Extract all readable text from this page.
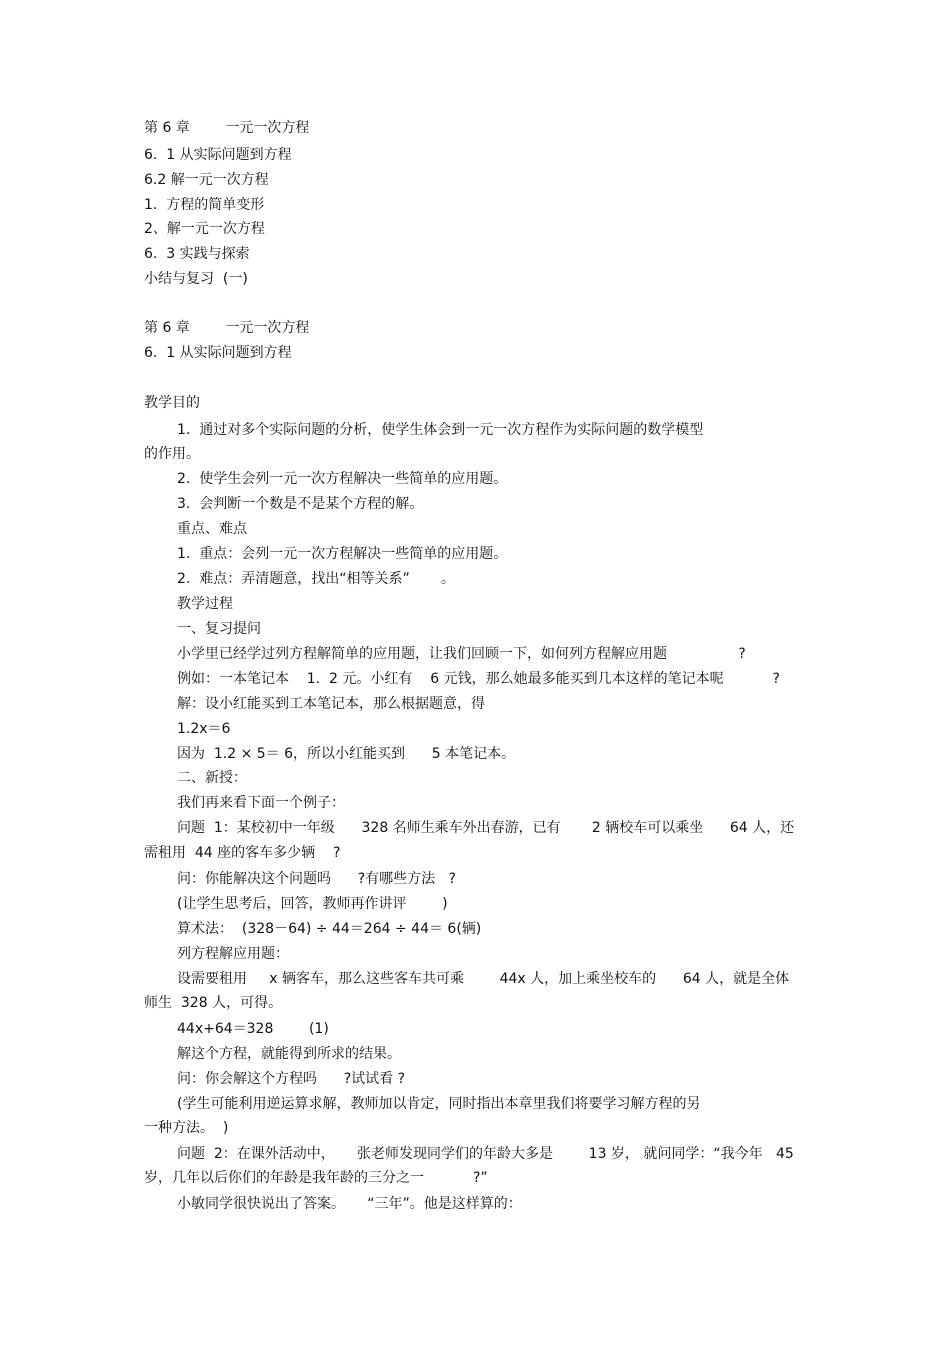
第 6 章        一元一次方程
6.  1 从实际问题到方程
6.2 解一元一次方程
1.  方程的简单变形
2、解一元一次方程
6.  3 实践与探索
小结与复习  (一)
第 6 章        一元一次方程
6.  1 从实际问题到方程
教学目的
1.  通过对多个实际问题的分析，使学生体会到一元一次方程作为实际问题的数学模型
的作用。
2.  使学生会列一元一次方程解决一些简单的应用题。
3.  会判断一个数是不是某个方程的解。
重点、难点
1.  重点：会列一元一次方程解决一些简单的应用题。
2.  难点：弄清题意，找出“相等关系”       。
教学过程
一、复习提问
小学里已经学过列方程解简单的应用题，让我们回顾一下，如何列方程解应用题                ?
例如：一本笔记本    1.  2 元。小红有    6 元钱，那么她最多能买到几本这样的笔记本呢           ?
解：设小红能买到工本笔记本，那么根据题意，得
1.2x＝6
因为  1.2 × 5＝ 6，所以小红能买到      5 本笔记本。
二、新授：
我们再来看下面一个例子：
问题  1：某校初中一年级      328 名师生乘车外出春游，已有       2 辆校车可以乘坐      64 人，还
需租用  44 座的客车多少辆    ?
问：你能解决这个问题吗      ?有哪些方法   ?
(让学生思考后，回答，教师再作讲评        )
算术法：  (328－64) ÷ 44＝264 ÷ 44＝ 6(辆)
列方程解应用题：
设需要租用     x 辆客车，那么这些客车共可乘        44x 人，加上乘坐校车的      64 人，就是全体
师生  328 人，可得。
44x+64＝328        (1)
解这个方程，就能得到所求的结果。
问：你会解这个方程吗      ?试试看 ?
(学生可能利用逆运算求解，教师加以肯定，同时指出本章里我们将要学习解方程的另
一种方法。  )
问题  2：在课外活动中，     张老师发现同学们的年龄大多是        13 岁， 就问同学：“我今年   45
岁，几年以后你们的年龄是我年龄的三分之一           ?”
小敏同学很快说出了答案。     “三年”。他是这样算的：
